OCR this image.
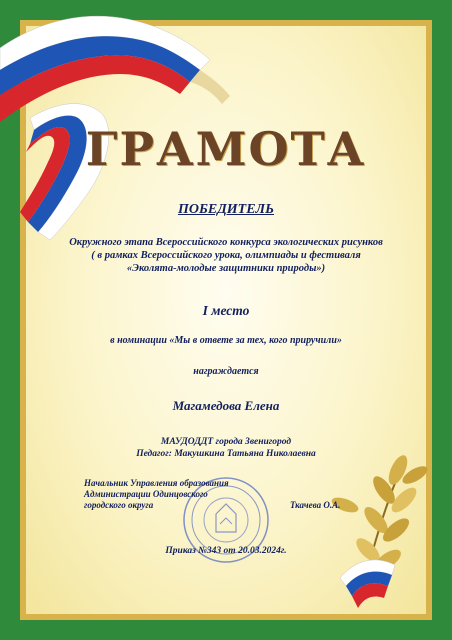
ГРАМОТА
ПОБЕДИТЕЛЬ
Окружного этапа Всероссийского конкурса экологических рисунков
( в рамках Всероссийского урока, олимпиады и фестиваля
«Эколята-молодые защитники природы»)
I место
в номинации «Мы в ответе за тех, кого приручили»
награждается
Магамедова Елена
МАУДОДДТ города Звенигород
Педагог: Макушкина Татьяна Николаевна
Начальник Управления образования
Администрации Одинцовского
городского округа	Ткачева О.А.
Приказ №343 от 20.03.2024г.
